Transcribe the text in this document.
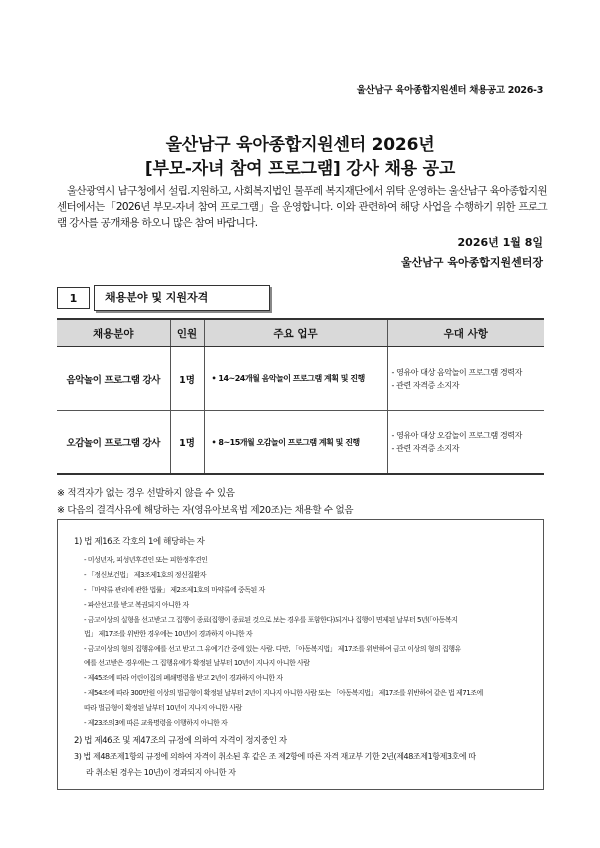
울산남구 육아종합지원센터 채용공고 2026-3
울산남구 육아종합지원센터 2026년
[부모-자녀 참여 프로그램] 강사 채용 공고
울산광역시 남구청에서 설립.지원하고, 사회복지법인 물푸레 복지재단에서 위탁 운영하는 울산남구 육아종합지원센터에서는「2026년 부모-자녀 참여 프로그램」을 운영합니다. 이와 관련하여 해당 사업을 수행하기 위한 프로그램 강사를 공개채용 하오니 많은 참여 바랍니다.
2026년 1월 8일
울산남구 육아종합지원센터장
1	채용분야 및 지원자격
채용분야	인원	주요 업무	우대 사항
음악놀이 프로그램 강사	1명	• 14~24개월 음악놀이 프로그램 계획 및 진행	- 영유아 대상 음악놀이 프로그램 경력자
- 관련 자격증 소지자

오감놀이 프로그램 강사	1명	• 8~15개월 오감놀이 프로그램 계획 및 진행	- 영유아 대상 오감놀이 프로그램 경력자
- 관련 자격증 소지자
※ 적격자가 없는 경우 선발하지 않을 수 있음
※ 다음의 결격사유에 해당하는 자(영유아보육법 제20조)는 채용할 수 없음
1) 법 제16조 각호의 1에 해당하는 자
- 미성년자, 피성년후견인 또는 피한정후견인
- 「정신보건법」 제3조제1호의 정신질환자
- 「마약류 관리에 관한 법률」 제2조제1호의 마약류에 중독된 자
- 파산선고를 받고 복권되지 아니한 자
- 금고이상의 실형을 선고받고 그 집행이 종료(집행이 종료된 것으로 보는 경우를 포함한다)되거나 집행이 면제된 날부터 5년(「아동복지
법」 제17조를 위반한 경우에는 10년)이 경과하지 아니한 자
- 금고이상의 형의 집행유예를 선고 받고 그 유예기간 중에 있는 사람. 다만, 「아동복지법」 제17조를 위반하여 금고 이상의 형의 집행유
예를 선고받은 경우에는 그 집행유예가 확정된 날부터 10년이 지나지 아니한 사람
- 제45조에 따라 어린이집의 폐쇄명령을 받고 2년이 경과하지 아니한 자
- 제54조에 따라 300만원 이상의 벌금형이 확정된 날부터 2년이 지나지 아니한 사람 또는 「아동복지법」 제17조를 위반하여 같은 법 제71조에
따라 벌금형이 확정된 날부터 10년이 지나지 아니한 사람
- 제23조의3에 따른 교육명령을 이행하지 아니한 자
2) 법 제46조 및 제47조의 규정에 의하여 자격이 정지중인 자
3) 법 제48조제1항의 규정에 의하여 자격이 취소된 후 같은 조 제2항에 따른 자격 재교부 기한 2년(제48조제1항제3호에 따
라 취소된 경우는 10년)이 경과되지 아니한 자
